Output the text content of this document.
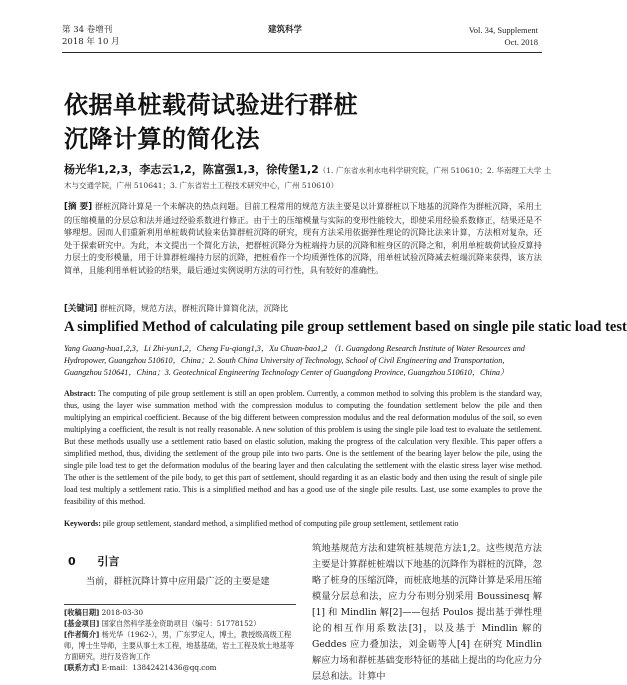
第 34 卷增刊
2018 年 10 月
建筑科学	Vol. 34, Supplement
Oct. 2018
依据单桩载荷试验进行群桩
沉降计算的简化法
杨光华1,2,3，李志云1,2，陈富强1,3，徐传堡1,2（1. 广东省水利水电科学研究院，广州 510610；2. 华南理工大学 土
木与交通学院，广州 510641；3. 广东省岩土工程技术研究中心，广州 510610）
[摘 要] 群桩沉降计算是一个未解决的热点问题。目前工程常用的规范方法主要是以计算群桩以下地基的沉降作为群桩沉降，采用土的压缩模量的分层总和法并通过经验系数进行修正。由于土的压缩模量与实际的变形性能较大，即使采用经验系数修正，结果还是不够理想。因而人们重新利用单桩载荷试验来估算群桩沉降的研究，现有方法采用依据弹性理论的沉降比法来计算，方法相对复杂，还处于探索研究中。为此，本文提出一个简化方法，把群桩沉降分为桩端持力层的沉降和桩身区的沉降之和，利用单桩载荷试验反算持力层土的变形模量，用于计算群桩端持力层的沉降，把桩看作一个均质弹性体的沉降，用单桩试验沉降减去桩端沉降来获得，该方法简单，且能利用单桩试验的结果，最后通过实例说明方法的可行性，具有较好的准确性。
[关键词] 群桩沉降，规范方法，群桩沉降计算简化法，沉降比
A simplified Method of calculating pile group settlement based on single pile static load test
Yang Guang-hua1,2,3，Li Zhi-yun1,2，Cheng Fu-qiang1,3，Xu Chuan-bao1,2 （1. Guangdong Research Institute of Water Resources and Hydropower, Guangzhou 510610，China；2. South China University of Technology, School of Civil Engineering and Transportation, Guangzhou 510641，China；3. Geotechnical Engineering Technology Center of Guangdong Province, Guangzhou 510610，China）
Abstract: The computing of pile group settlement is still an open problem. Currently, a common method to solving this problem is the standard way, thus, using the layer wise summation method with the compression modulus to computing the foundation settlement below the pile and then multiplying an empirical coefficient. Because of the big different between compression modulus and the real deformation modulus of the soil, so even multiplying a coefficient, the result is not really reasonable. A new solution of this problem is using the single pile load test to evaluate the settlement. But these methods usually use a settlement ratio based on elastic solution, making the progress of the calculation very flexible. This paper offers a simplified method, thus, dividing the settlement of the group pile into two parts. One is the settlement of the bearing layer below the pile, using the single pile load test to get the deformation modulus of the bearing layer and then calculating the settlement with the elastic stress layer wise method. The other is the settlement of the pile body, to get this part of settlement, should regarding it as an elastic body and then using the result of single pile load test multiply a settlement ratio. This is a simplified method and has a good use of the single pile results. Last, use some examples to prove the feasibility of this method.
Keywords: pile group settlement, standard method, a simplified method of computing pile group settlement, settlement ratio
0 引言
当前，群桩沉降计算中应用最广泛的主要是建
[收稿日期] 2018-03-30
[基金项目] 国家自然科学基金资助项目（编号：51778152）
[作者简介] 杨光华（1962-），男，广东罗定人，博士，教授级高级工程师，博士生导师，主要从事土木工程，地基基础，岩土工程及软土地基等方面研究，进行及咨询工作
[联系方式] E-mail：13842421436@qq.com
筑地基规范方法和建筑桩基规范方法1,2。这些规范方法主要是计算群桩桩端以下地基的沉降作为群桩的沉降，忽略了桩身的压缩沉降，而桩底地基的沉降计算是采用压缩模量分层总和法，应力分布则分别采用 Boussinesq 解[1] 和 Mindlin 解[2]——包括 Poulos 提出基于弹性理论的相互作用系数法[3]，以及基于 Mindlin 解的 Geddes 应力叠加法，刘金砺等人[4] 在研究 Mindlin 解应力场和群桩基础变形特征的基础上提出的均化应力分层总和法。计算中
